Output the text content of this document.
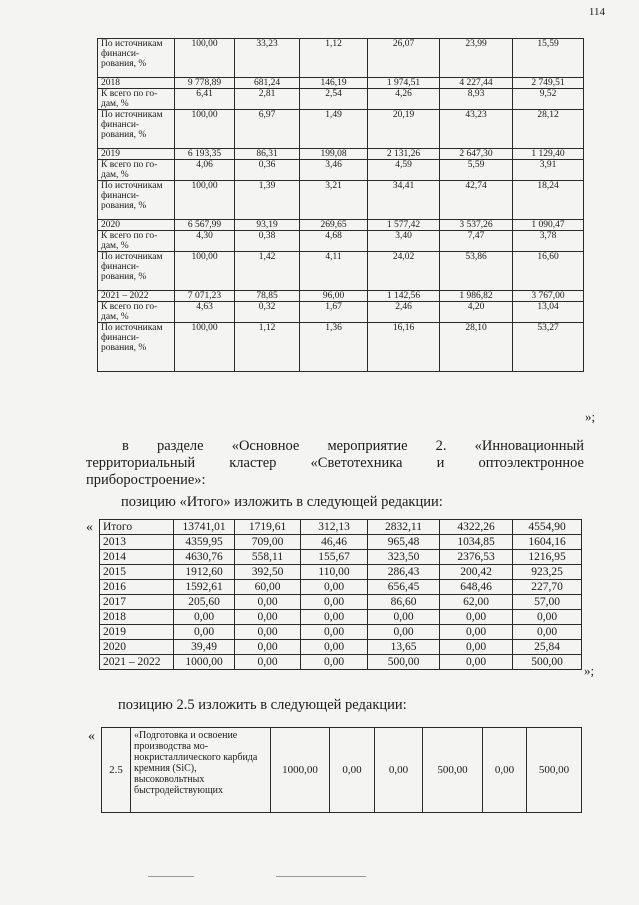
114
По источникам финанси-рования, %	100,00	33,23	1,12	26,07	23,99	15,59
2018	9 778,89	681,24	146,19	1 974,51	4 227,44	2 749,51
К всего по го-дам, %	6,41	2,81	2,54	4,26	8,93	9,52
По источникам финанси-рования, %	100,00	6,97	1,49	20,19	43,23	28,12
2019	6 193,35	86,31	199,08	2 131,26	2 647,30	1 129,40
К всего по го-дам, %	4,06	0,36	3,46	4,59	5,59	3,91
По источникам финанси-рования, %	100,00	1,39	3,21	34,41	42,74	18,24
2020	6 567,99	93,19	269,65	1 577,42	3 537,26	1 090,47
К всего по го-дам, %	4,30	0,38	4,68	3,40	7,47	3,78
По источникам финанси-рования, %	100,00	1,42	4,11	24,02	53,86	16,60
2021 – 2022	7 071,23	78,85	96,00	1 142,56	1 986,82	3 767,00
К всего по го-дам, %	4,63	0,32	1,67	2,46	4,20	13,04
По источникам финанси-рования, %	100,00	1,12	1,36	16,16	28,10	53,27
»;
в разделе «Основное мероприятие 2. «Инновационный
территориальный кластер «Светотехника и оптоэлектронное
приборостроение»:
позицию «Итого» изложить в следующей редакции:
« Итого	13741,01	1719,61	312,13	2832,11	4322,26	4554,90
2013	4359,95	709,00	46,46	965,48	1034,85	1604,16
2014	4630,76	558,11	155,67	323,50	2376,53	1216,95
2015	1912,60	392,50	110,00	286,43	200,42	923,25
2016	1592,61	60,00	0,00	656,45	648,46	227,70
2017	205,60	0,00	0,00	86,60	62,00	57,00
2018	0,00	0,00	0,00	0,00	0,00	0,00
2019	0,00	0,00	0,00	0,00	0,00	0,00
2020	39,49	0,00	0,00	13,65	0,00	25,84
2021 – 2022	1000,00	0,00	0,00	500,00	0,00	500,00
»;
позицию 2.5 изложить в следующей редакции:
«
2.5	«Подготовка и освоение производства мо-нокристаллического карбида кремния (SiC), высоковольтных быстродействующих	1000,00	0,00	0,00	500,00	0,00	500,00
